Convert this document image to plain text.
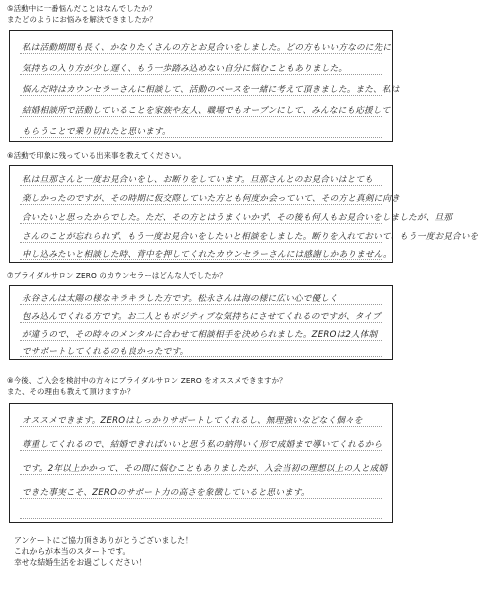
⑤活動中に一番悩んだことはなんでしたか？
またどのようにお悩みを解決できましたか？
私は活動期間も長く、かなりたくさんの方とお見合いをしました。どの方もいい方なのに先に
気持ちの入り方が少し遅く、もう一歩踏み込めない自分に悩むこともありました。
悩んだ時はカウンセラーさんに相談して、活動のペースを一緒に考えて頂きました。また、私は
結婚相談所で活動していることを家族や友人、職場でもオープンにして、みんなにも応援して
もらうことで乗り切れたと思います。
⑥活動で印象に残っている出来事を教えてください。
私は旦那さんと一度お見合いをし、お断りをしています。旦那さんとのお見合いはとても
楽しかったのですが、その時期に仮交際していた方とも何度か会っていて、その方と真剣に向き
合いたいと思ったからでした。ただ、その方とはうまくいかず、その後も何人もお見合いをしましたが、旦那
さんのことが忘れられず、もう一度お見合いをしたいと相談をしました。断りを入れておいて、もう一度お見合いを
申し込みたいと相談した時、背中を押してくれたカウンセラーさんには感謝しかありません。
⑦ブライダルサロン ZERO のカウンセラーはどんな人でしたか？
永谷さんは太陽の様なキラキラした方です。松永さんは海の様に広い心で優しく
包み込んでくれる方です。お二人ともポジティブな気持ちにさせてくれるのですが、タイプ
が違うので、その時々のメンタルに合わせて相談相手を決められました。ZEROは2人体制
でサポートしてくれるのも良かったです。
⑧今後、ご入会を検討中の方々にブライダルサロン ZERO をオススメできますか？
また、その理由も教えて頂けますか？
オススメできます。ZEROはしっかりサポートしてくれるし、無理強いなどなく個々を
尊重してくれるので、結婚できればいいと思う私の納得いく形で成婚まで導いてくれるから
です。2年以上かかって、その間に悩むこともありましたが、入会当初の理想以上の人と成婚
できた事実こそ、ZEROのサポート力の高さを象徴していると思います。
アンケートにご協力頂きありがとうございました！
これからが本当のスタートです。
幸せな結婚生活をお過ごしください！
